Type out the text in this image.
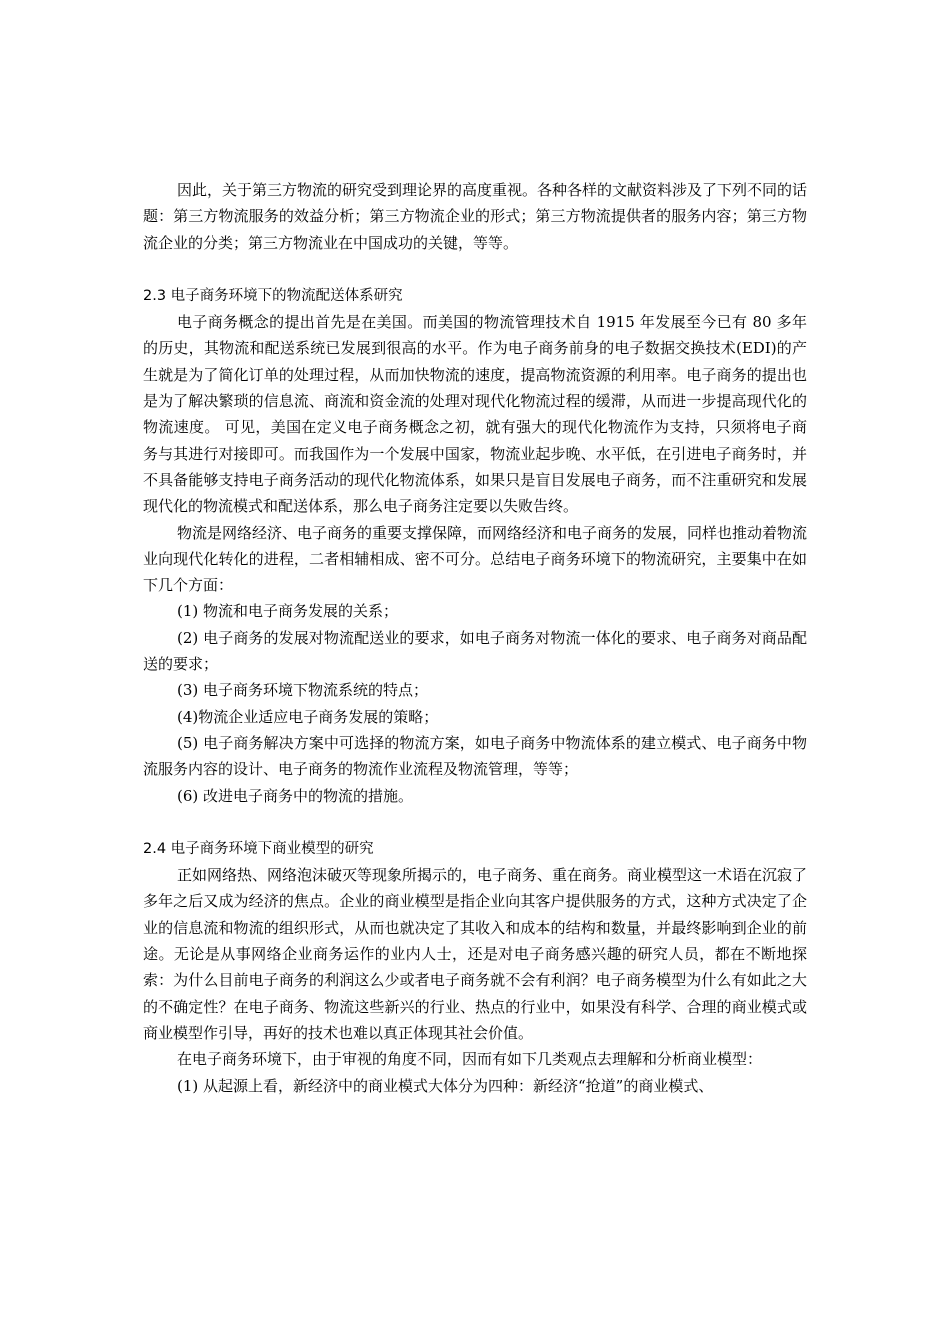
因此，关于第三方物流的研究受到理论界的高度重视。各种各样的文献资料涉及了下列不同的话题：第三方物流服务的效益分析；第三方物流企业的形式；第三方物流提供者的服务内容；第三方物流企业的分类；第三方物流业在中国成功的关键，等等。

2.3 电子商务环境下的物流配送体系研究

电子商务概念的提出首先是在美国。而美国的物流管理技术自 1915 年发展至今已有 80 多年的历史，其物流和配送系统已发展到很高的水平。作为电子商务前身的电子数据交换技术(EDI)的产生就是为了简化订单的处理过程，从而加快物流的速度，提高物流资源的利用率。电子商务的提出也是为了解决繁琐的信息流、商流和资金流的处理对现代化物流过程的缓滞，从而进一步提高现代化的物流速度。 可见，美国在定义电子商务概念之初，就有强大的现代化物流作为支持，只须将电子商务与其进行对接即可。而我国作为一个发展中国家，物流业起步晚、水平低，在引进电子商务时，并不具备能够支持电子商务活动的现代化物流体系，如果只是盲目发展电子商务，而不注重研究和发展现代化的物流模式和配送体系，那么电子商务注定要以失败告终。

物流是网络经济、电子商务的重要支撑保障，而网络经济和电子商务的发展，同样也推动着物流业向现代化转化的进程，二者相辅相成、密不可分。总结电子商务环境下的物流研究，主要集中在如下几个方面：

(1) 物流和电子商务发展的关系；

(2) 电子商务的发展对物流配送业的要求，如电子商务对物流一体化的要求、电子商务对商品配送的要求；

(3) 电子商务环境下物流系统的特点；

(4)物流企业适应电子商务发展的策略；

(5) 电子商务解决方案中可选择的物流方案，如电子商务中物流体系的建立模式、电子商务中物流服务内容的设计、电子商务的物流作业流程及物流管理，等等；

(6) 改进电子商务中的物流的措施。

2.4 电子商务环境下商业模型的研究

正如网络热、网络泡沫破灭等现象所揭示的，电子商务、重在商务。商业模型这一术语在沉寂了多年之后又成为经济的焦点。企业的商业模型是指企业向其客户提供服务的方式，这种方式决定了企业的信息流和物流的组织形式，从而也就决定了其收入和成本的结构和数量，并最终影响到企业的前途。无论是从事网络企业商务运作的业内人士，还是对电子商务感兴趣的研究人员，都在不断地探索：为什么目前电子商务的利润这么少或者电子商务就不会有利润？电子商务模型为什么有如此之大的不确定性？在电子商务、物流这些新兴的行业、热点的行业中，如果没有科学、合理的商业模式或商业模型作引导，再好的技术也难以真正体现其社会价值。

在电子商务环境下，由于审视的角度不同，因而有如下几类观点去理解和分析商业模型：

(1) 从起源上看，新经济中的商业模式大体分为四种：新经济“抢道”的商业模式、
